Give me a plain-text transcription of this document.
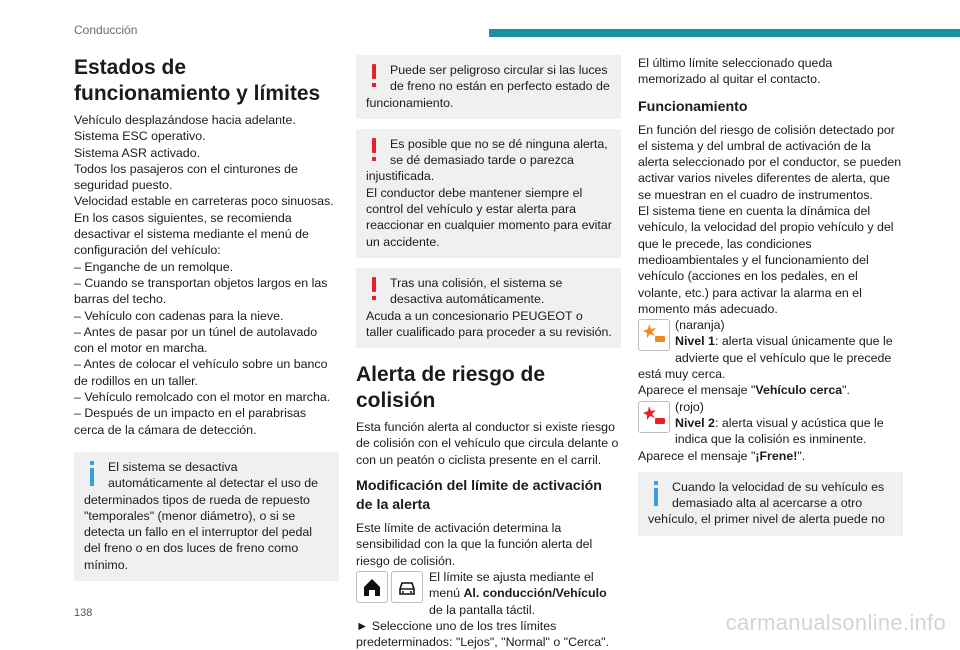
Conducción
Estados de funcionamiento y límites

Vehículo desplazándose hacia adelante.

Sistema ESC operativo.

Sistema ASR activado.

Todos los pasajeros con el cinturones de seguridad puesto.

Velocidad estable en carreteras poco sinuosas.

En los casos siguientes, se recomienda desactivar el sistema mediante el menú de configuración del vehículo:

– Enganche de un remolque.

– Cuando se transportan objetos largos en las barras del techo.

– Vehículo con cadenas para la nieve.

– Antes de pasar por un túnel de autolavado con el motor en marcha.

– Antes de colocar el vehículo sobre un banco de rodillos en un taller.

– Vehículo remolcado con el motor en marcha.

– Después de un impacto en el parabrisas cerca de la cámara de detección.

El sistema se desactiva automáticamente al detectar el uso de determinados tipos de rueda de repuesto "temporales" (menor diámetro), o si se detecta un fallo en el interruptor del pedal del freno o en dos luces de freno como mínimo.

Puede ser peligroso circular si las luces de freno no están en perfecto estado de funcionamiento.

Es posible que no se dé ninguna alerta, se dé demasiado tarde o parezca injustificada.

El conductor debe mantener siempre el control del vehículo y estar alerta para reaccionar en cualquier momento para evitar un accidente.

Tras una colisión, el sistema se desactiva automáticamente.

Acuda a un concesionario PEUGEOT o taller cualificado para proceder a su revisión.

Alerta de riesgo de colisión

Esta función alerta al conductor si existe riesgo de colisión con el vehículo que circula delante o con un peatón o ciclista presente en el carril.

Modificación del límite de activación de la alerta

Este límite de activación determina la sensibilidad con la que la función alerta del riesgo de colisión.

El límite se ajusta mediante el menú Al. conducción/Vehículo de la pantalla táctil.

► Seleccione uno de los tres límites predeterminados: "Lejos", "Normal" o "Cerca".

El último límite seleccionado queda memorizado al quitar el contacto.

Funcionamiento

En función del riesgo de colisión detectado por el sistema y del umbral de activación de la alerta seleccionado por el conductor, se pueden activar varios niveles diferentes de alerta, que se muestran en el cuadro de instrumentos.

El sistema tiene en cuenta la dínámica del vehículo, la velocidad del propio vehículo y del que le precede, las condiciones medioambientales y el funcionamiento del vehículo (acciones en los pedales, en el volante, etc.) para activar la alarma en el momento más adecuado.

(naranja)

Nivel 1: alerta visual únicamente que le advierte que el vehículo que le precede está muy cerca.

Aparece el mensaje "Vehículo cerca".

(rojo)

Nivel 2: alerta visual y acústica que le indica que la colisión es inminente.

Aparece el mensaje "¡Frene!".

Cuando la velocidad de su vehículo es demasiado alta al acercarse a otro vehículo, el primer nivel de alerta puede no

138	carmanualsonline.info
